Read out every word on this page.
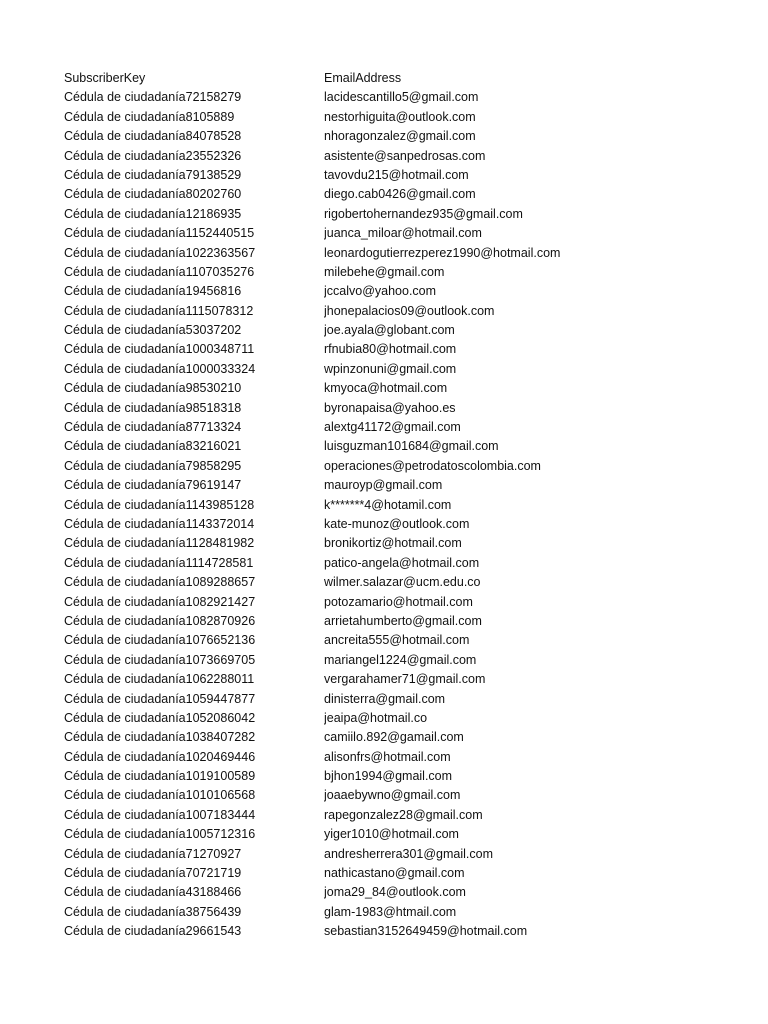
SubscriberKey	EmailAddress
Cédula de ciudadanía72158279	lacidescantillo5@gmail.com
Cédula de ciudadanía8105889	nestorhiguita@outlook.com
Cédula de ciudadanía84078528	nhoragonzalez@gmail.com
Cédula de ciudadanía23552326	asistente@sanpedrosas.com
Cédula de ciudadanía79138529	tavovdu215@hotmail.com
Cédula de ciudadanía80202760	diego.cab0426@gmail.com
Cédula de ciudadanía12186935	rigobertohernandez935@gmail.com
Cédula de ciudadanía1152440515	juanca_miloar@hotmail.com
Cédula de ciudadanía1022363567	leonardogutierrezperez1990@hotmail.com
Cédula de ciudadanía1107035276	milebehe@gmail.com
Cédula de ciudadanía19456816	jccalvo@yahoo.com
Cédula de ciudadanía1115078312	jhonepalacios09@outlook.com
Cédula de ciudadanía53037202	joe.ayala@globant.com
Cédula de ciudadanía1000348711	rfnubia80@hotmail.com
Cédula de ciudadanía1000033324	wpinzonuni@gmail.com
Cédula de ciudadanía98530210	kmyoca@hotmail.com
Cédula de ciudadanía98518318	byronapaisa@yahoo.es
Cédula de ciudadanía87713324	alextg41172@gmail.com
Cédula de ciudadanía83216021	luisguzman101684@gmail.com
Cédula de ciudadanía79858295	operaciones@petrodatoscolombia.com
Cédula de ciudadanía79619147	mauroyp@gmail.com
Cédula de ciudadanía1143985128	k*******4@hotamil.com
Cédula de ciudadanía1143372014	kate-munoz@outlook.com
Cédula de ciudadanía1128481982	bronikortiz@hotmail.com
Cédula de ciudadanía1114728581	patico-angela@hotmail.com
Cédula de ciudadanía1089288657	wilmer.salazar@ucm.edu.co
Cédula de ciudadanía1082921427	potozamario@hotmail.com
Cédula de ciudadanía1082870926	arrietahumberto@gmail.com
Cédula de ciudadanía1076652136	ancreita555@hotmail.com
Cédula de ciudadanía1073669705	mariangel1224@gmail.com
Cédula de ciudadanía1062288011	vergarahamer71@gmail.com
Cédula de ciudadanía1059447877	dinisterra@gmail.com
Cédula de ciudadanía1052086042	jeaipa@hotmail.co
Cédula de ciudadanía1038407282	camiilo.892@gamail.com
Cédula de ciudadanía1020469446	alisonfrs@hotmail.com
Cédula de ciudadanía1019100589	bjhon1994@gmail.com
Cédula de ciudadanía1010106568	joaaebywno@gmail.com
Cédula de ciudadanía1007183444	rapegonzalez28@gmail.com
Cédula de ciudadanía1005712316	yiger1010@hotmail.com
Cédula de ciudadanía71270927	andresherrera301@gmail.com
Cédula de ciudadanía70721719	nathicastano@gmail.com
Cédula de ciudadanía43188466	joma29_84@outlook.com
Cédula de ciudadanía38756439	glam-1983@htmail.com
Cédula de ciudadanía29661543	sebastian3152649459@hotmail.com
